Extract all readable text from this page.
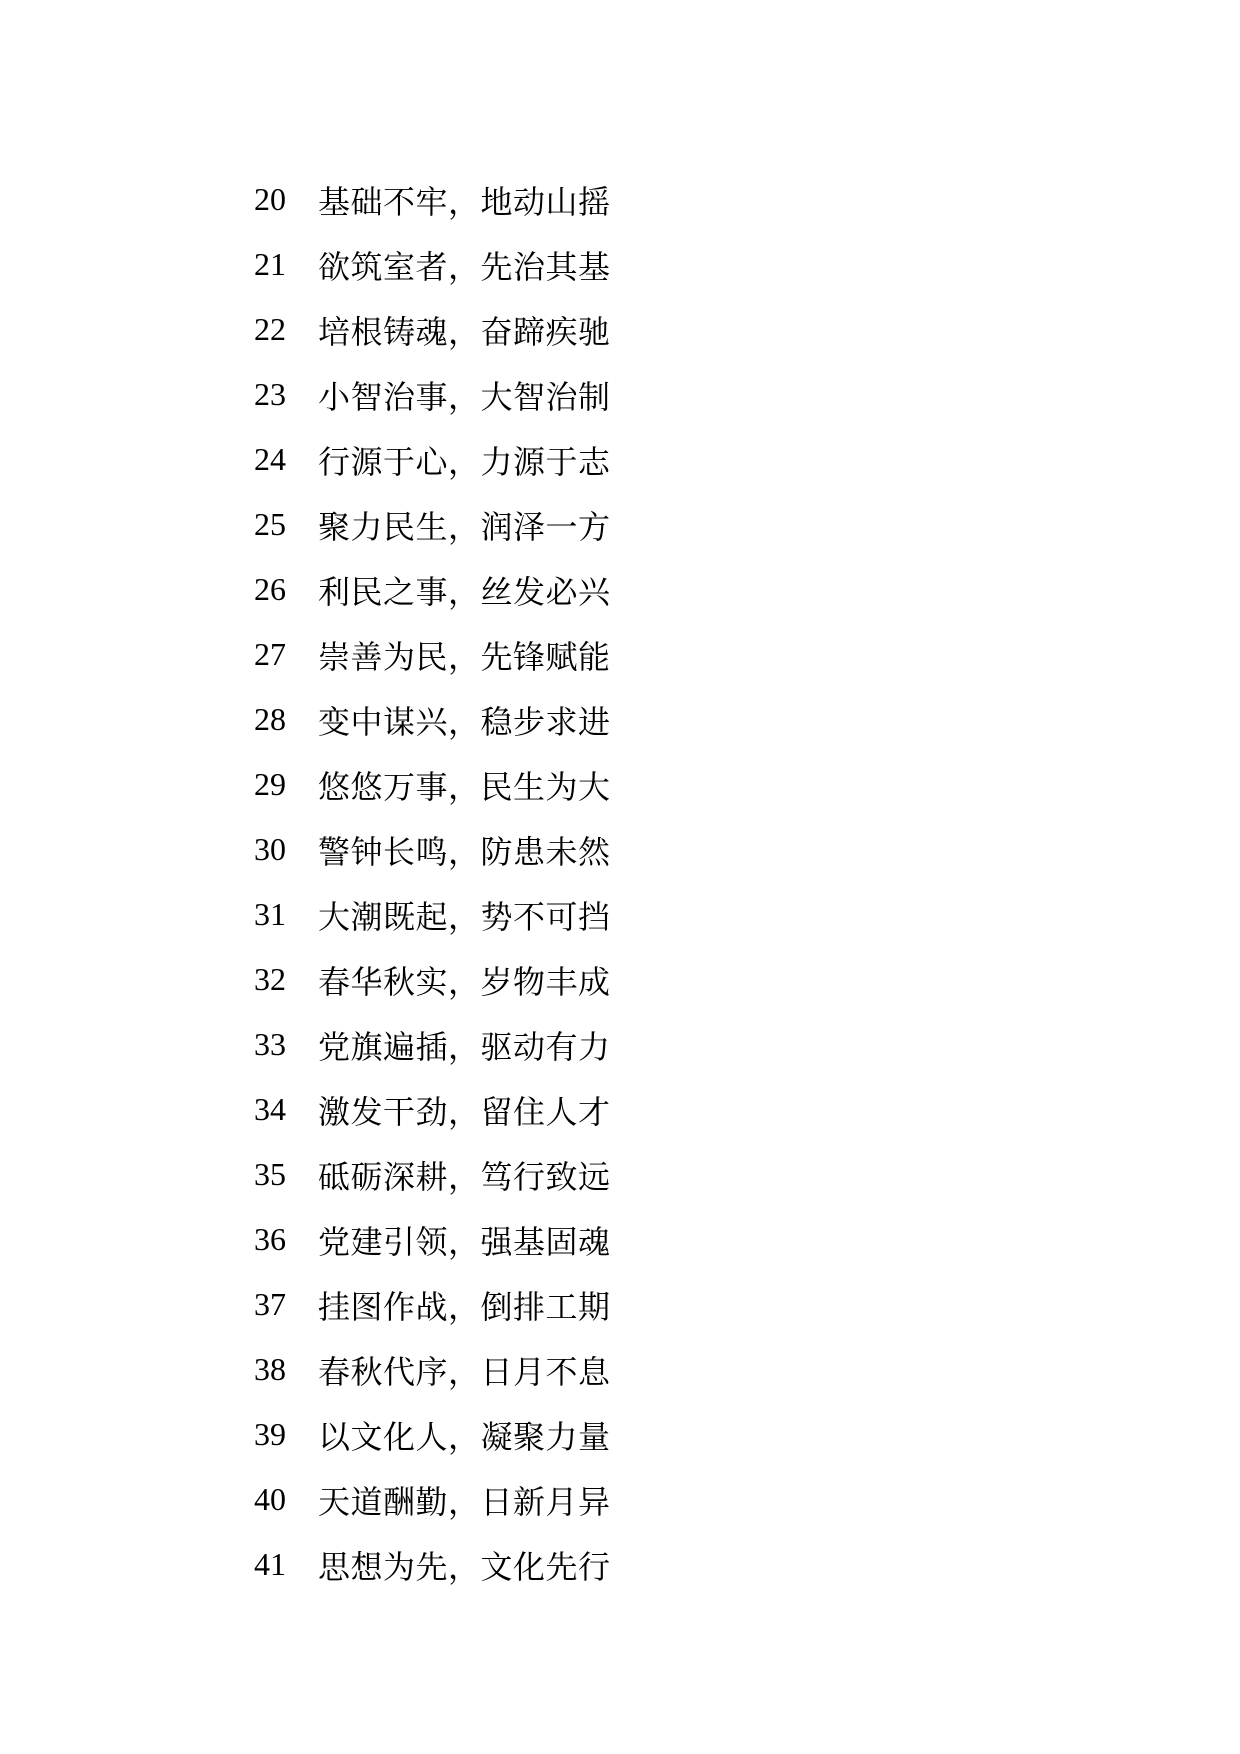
20	基础不牢，地动山摇
21	欲筑室者，先治其基
22	培根铸魂，奋蹄疾驰
23	小智治事，大智治制
24	行源于心，力源于志
25	聚力民生，润泽一方
26	利民之事，丝发必兴
27	崇善为民，先锋赋能
28	变中谋兴，稳步求进
29	悠悠万事，民生为大
30	警钟长鸣，防患未然
31	大潮既起，势不可挡
32	春华秋实，岁物丰成
33	党旗遍插，驱动有力
34	激发干劲，留住人才
35	砥砺深耕，笃行致远
36	党建引领，强基固魂
37	挂图作战，倒排工期
38	春秋代序，日月不息
39	以文化人，凝聚力量
40	天道酬勤，日新月异
41	思想为先，文化先行
